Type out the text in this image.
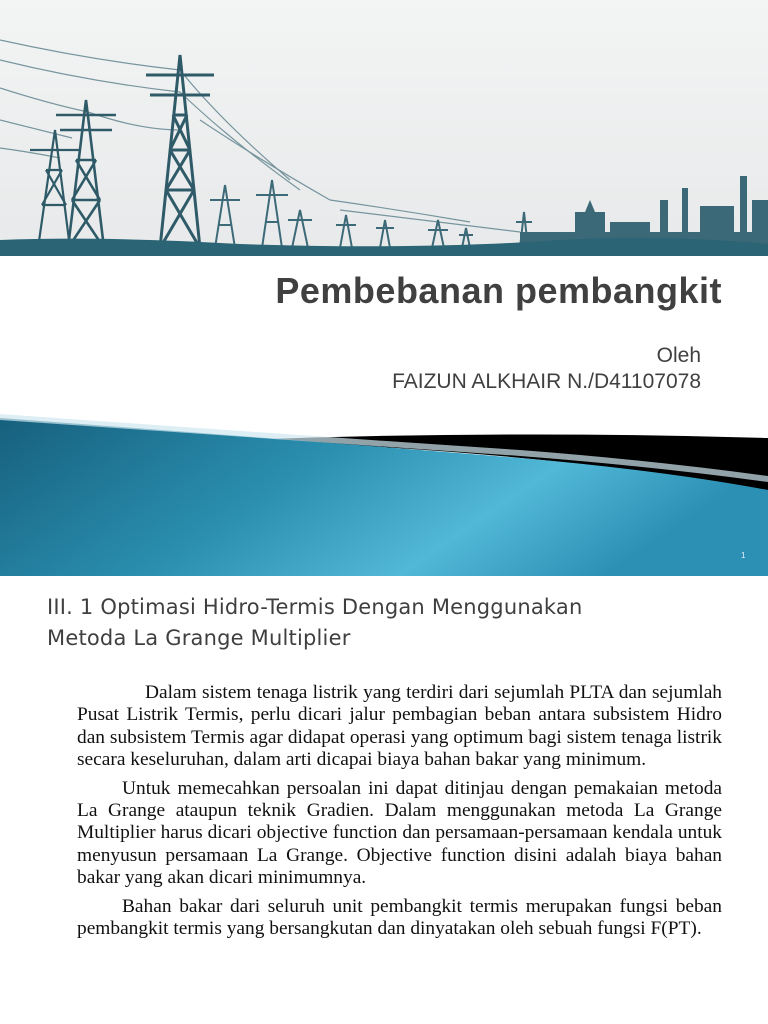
Pembebanan pembangkit
Oleh
FAIZUN ALKHAIR N./D41107078
1
III. 1 Optimasi Hidro-Termis Dengan Menggunakan
Metoda La Grange Multiplier

Dalam sistem tenaga listrik yang terdiri dari sejumlah PLTA dan sejumlah Pusat Listrik Termis, perlu dicari jalur pembagian beban antara subsistem Hidro dan subsistem Termis agar didapat operasi yang optimum bagi sistem tenaga listrik secara keseluruhan, dalam arti dicapai biaya bahan bakar yang minimum.

Untuk memecahkan persoalan ini dapat ditinjau dengan pemakaian metoda La Grange ataupun teknik Gradien. Dalam menggunakan metoda La Grange Multiplier harus dicari objective function dan persamaan-persamaan kendala untuk menyusun persamaan La Grange. Objective function disini adalah biaya bahan bakar yang akan dicari minimumnya.

Bahan bakar dari seluruh unit pembangkit termis merupakan fungsi beban pembangkit termis yang bersangkutan dan dinyatakan oleh sebuah fungsi F(PT).
